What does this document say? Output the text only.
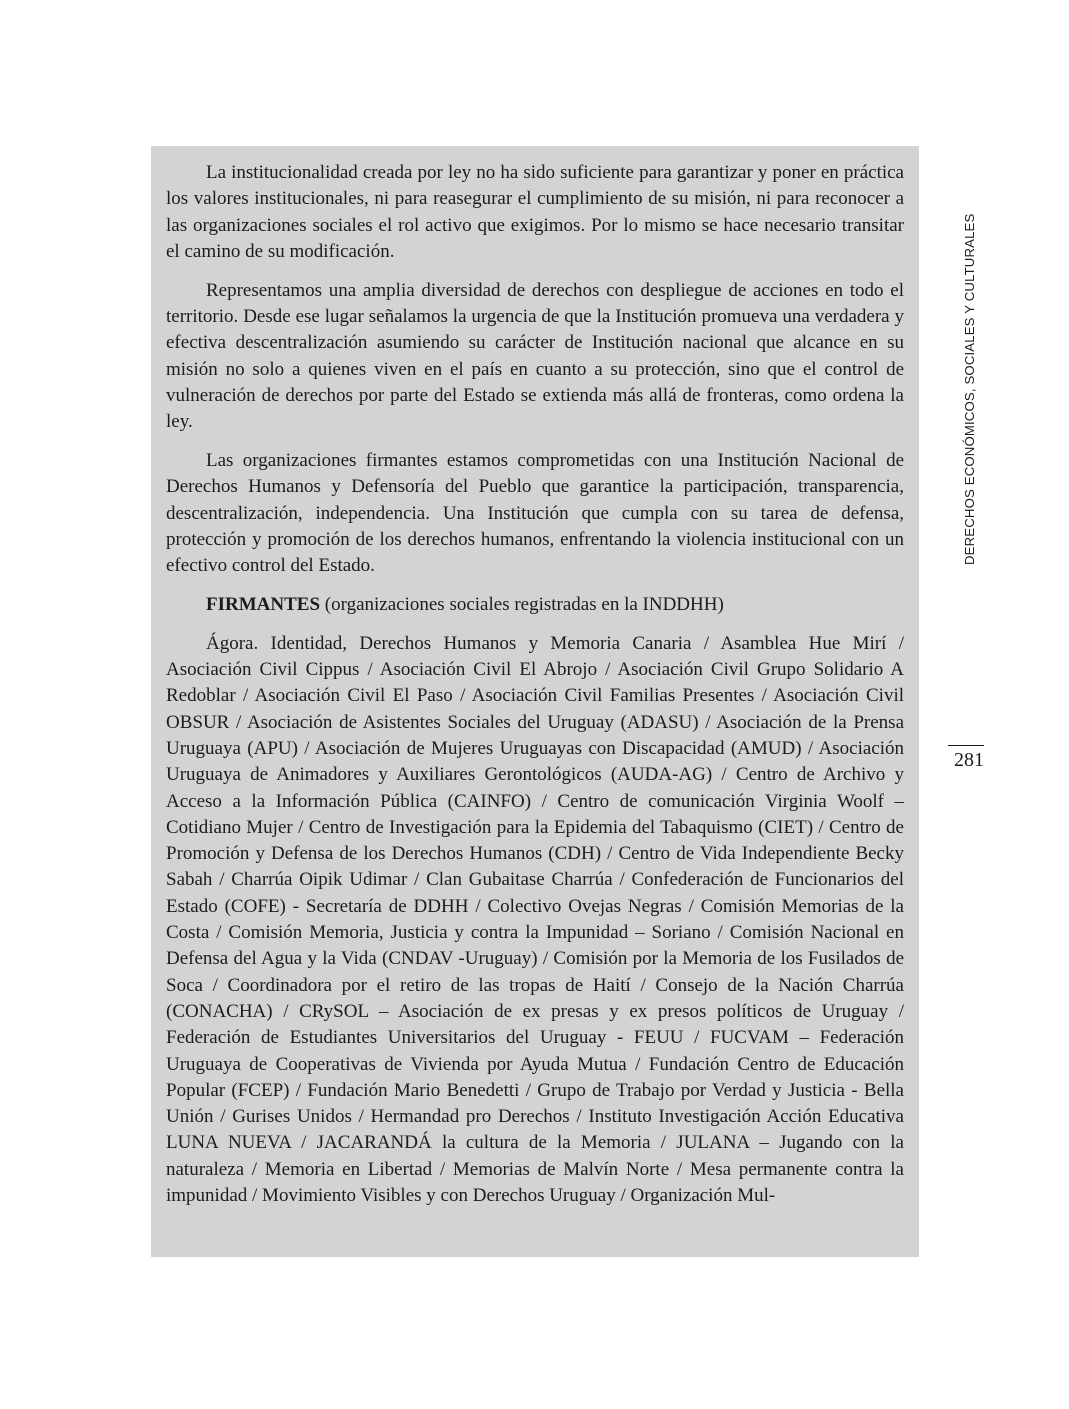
La institucionalidad creada por ley no ha sido suficiente para garantizar y poner en práctica los valores institucionales, ni para reasegurar el cumplimiento de su misión, ni para reconocer a las organizaciones sociales el rol activo que exigimos. Por lo mismo se hace necesario transitar el camino de su modificación.

Representamos una amplia diversidad de derechos con despliegue de acciones en todo el territorio. Desde ese lugar señalamos la urgencia de que la Institución promueva una verdadera y efectiva descentralización asumiendo su carácter de Institución nacional que alcance en su misión no solo a quienes viven en el país en cuanto a su protección, sino que el control de vulneración de derechos por parte del Estado se extienda más allá de fronteras, como ordena la ley.

Las organizaciones firmantes estamos comprometidas con una Institución Nacional de Derechos Humanos y Defensoría del Pueblo que garantice la participación, transparencia, descentralización, independencia. Una Institución que cumpla con su tarea de defensa, protección y promoción de los derechos humanos, enfrentando la violencia institucional con un efectivo control del Estado.

FIRMANTES (organizaciones sociales registradas en la INDDHH)

Ágora. Identidad, Derechos Humanos y Memoria Canaria / Asamblea Hue Mirí / Asociación Civil Cippus / Asociación Civil El Abrojo / Asociación Civil Grupo Solidario A Redoblar / Asociación Civil El Paso / Asociación Civil Familias Presentes / Asociación Civil OBSUR / Asociación de Asistentes Sociales del Uruguay (ADASU) / Asociación de la Prensa Uruguaya (APU) / Asociación de Mujeres Uruguayas con Discapacidad (AMUD) / Asociación Uruguaya de Animadores y Auxiliares Gerontológicos (AUDA-AG) / Centro de Archivo y Acceso a la Información Pública (CAINFO) / Centro de comunicación Virginia Woolf – Cotidiano Mujer / Centro de Investigación para la Epidemia del Tabaquismo (CIET) / Centro de Promoción y Defensa de los Derechos Humanos (CDH) / Centro de Vida Independiente Becky Sabah / Charrúa Oipik Udimar / Clan Gubaitase Charrúa / Confederación de Funcionarios del Estado (COFE) - Secretaría de DDHH / Colectivo Ovejas Negras / Comisión Memorias de la Costa / Comisión Memoria, Justicia y contra la Impunidad – Soriano / Comisión Nacional en Defensa del Agua y la Vida (CNDAV -Uruguay) / Comisión por la Memoria de los Fusilados de Soca / Coordinadora por el retiro de las tropas de Haití / Consejo de la Nación Charrúa (CONACHA) / CRySOL – Asociación de ex presas y ex presos políticos de Uruguay / Federación de Estudiantes Universitarios del Uruguay - FEUU / FUCVAM – Federación Uruguaya de Cooperativas de Vivienda por Ayuda Mutua / Fundación Centro de Educación Popular (FCEP) / Fundación Mario Benedetti / Grupo de Trabajo por Verdad y Justicia - Bella Unión / Gurises Unidos / Hermandad pro Derechos / Instituto Investigación Acción Educativa LUNA NUEVA / JACARANDÁ la cultura de la Memoria / JULANA – Jugando con la naturaleza / Memoria en Libertad / Memorias de Malvín Norte / Mesa permanente contra la impunidad / Movimiento Visibles y con Derechos Uruguay / Organización Mul-

DERECHOS ECONÓMICOS, SOCIALES Y CULTURALES
281
